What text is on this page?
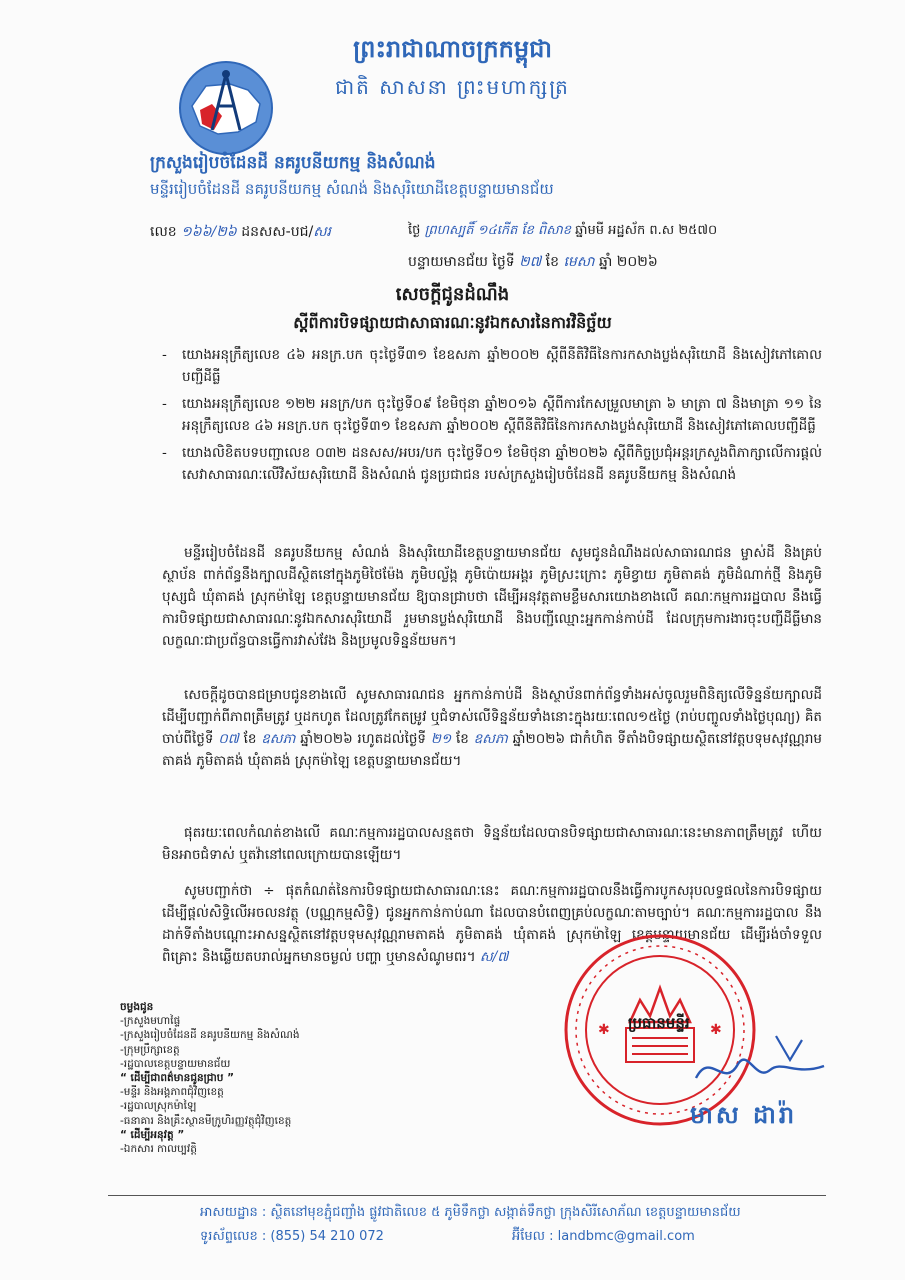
ព្រះរាជាណាចក្រកម្ពុជា
ជាតិ សាសនា ព្រះមហាក្សត្រ
ក្រសួងរៀបចំដែនដី នគរូបនីយកម្ម និងសំណង់
មន្ទីររៀបចំដែនដី នគរូបនីយកម្ម សំណង់ និងសុរិយោដីខេត្តបន្ទាយមានជ័យ
លេខ ១៦៦/២៦ ដនសស-បជ/សរ	ថ្ងៃ ព្រហស្បតិ៍ ១៤កើត ខែ ពិសាខ ឆ្នាំមមី អដ្ឋស័ក ព.ស ២៥៧០
បន្ទាយមានជ័យ ថ្ងៃទី ២៧ ខែ មេសា ឆ្នាំ ២០២៦
សេចក្តីជូនដំណឹង
ស្តីពីការបិទផ្សាយជាសាធារណៈនូវឯកសារនៃការវិនិច្ឆ័យ
- យោងអនុក្រឹត្យលេខ ៤៦ អនក្រ.បក ចុះថ្ងៃទី៣១ ខែឧសភា ឆ្នាំ២០០២ ស្តីពីនីតិវិធីនៃការកសាងប្លង់សុរិយោដី និងសៀវភៅគោលបញ្ជីដីធ្លី
- យោងអនុក្រឹត្យលេខ ១២២ អនក្រ/បក ចុះថ្ងៃទី០៩ ខែមិថុនា ឆ្នាំ២០១៦ ស្តីពីការកែសម្រួលមាត្រា ៦ មាត្រា ៧ និងមាត្រា ១១ នៃអនុក្រឹត្យលេខ ៤៦ អនក្រ.បក ចុះថ្ងៃទី៣១ ខែឧសភា ឆ្នាំ២០០២ ស្តីពីនីតិវិធីនៃការកសាងប្លង់សុរិយោដី និងសៀវភៅគោលបញ្ជីដីធ្លី
- យោងលិខិតបទបញ្ជាលេខ ០៣២ ដនសស/អបរ/បក ចុះថ្ងៃទី០១ ខែមិថុនា ឆ្នាំ២០២៦ ស្តីពីកិច្ចប្រជុំអន្តរក្រសួងពិភាក្សាលើការផ្តល់សេវាសាធារណៈលើវិស័យសុរិយោដី និងសំណង់ ជូនប្រជាជន របស់ក្រសួងរៀបចំដែនដី នគរូបនីយកម្ម និងសំណង់
មន្ទីររៀបចំដែនដី នគរូបនីយកម្ម សំណង់ និងសុរិយោដីខេត្តបន្ទាយមានជ័យ សូមជូនដំណឹងដល់សាធារណជន ម្ចាស់ដី និងគ្រប់ស្ថាប័ន ពាក់ព័ន្ធនឹងក្បាលដីស្ថិតនៅក្នុងភូមិថៃម៉ែង ភូមិបល្ល័ង្ក ភូមិប៉ោយអង្គរ ភូមិស្រះក្រោះ ភូមិខ្វាយ ភូមិតាគង់ ភូមិដំណាក់ថ្មី និងភូមិបុស្សជំ ឃុំតាគង់ ស្រុកម៉ាឡៃ ខេត្តបន្ទាយមានជ័យ ឱ្យបានជ្រាបថា ដើម្បីអនុវត្តតាមខ្លឹមសារយោងខាងលើ គណៈកម្មការរដ្ឋបាល នឹងធ្វើការបិទផ្សាយជាសាធារណៈនូវឯកសារសុរិយោដី រួមមានប្លង់សុរិយោដី និងបញ្ជីឈ្មោះអ្នកកាន់កាប់ដី ដែលក្រុមការងារចុះបញ្ជីដីធ្លីមានលក្ខណៈជាប្រព័ន្ធបានធ្វើការវាស់វែង និងប្រមូលទិន្នន័យមក។
សេចក្តីដូចបានជម្រាបជូនខាងលើ សូមសាធារណជន អ្នកកាន់កាប់ដី និងស្ថាប័នពាក់ព័ន្ធទាំងអស់ចូលរួមពិនិត្យលើទិន្នន័យក្បាលដី ដើម្បីបញ្ជាក់ពីភាពត្រឹមត្រូវ ឬដកហូត ដែលត្រូវកែតម្រូវ ឬជំទាស់លើទិន្នន័យទាំងនោះក្នុងរយៈពេល១៥ថ្ងៃ (រាប់បញ្ចូលទាំងថ្ងៃបុណ្យ) គិតចាប់ពីថ្ងៃទី ០៧ ខែ ឧសភា ឆ្នាំ២០២៦ រហូតដល់ថ្ងៃទី ២១ ខែ ឧសភា ឆ្នាំ២០២៦ ជាកំហិត ទីតាំងបិទផ្សាយស្ថិតនៅវត្តបទុមសុវណ្ណរាមតាគង់ ភូមិតាគង់ ឃុំតាគង់ ស្រុកម៉ាឡៃ ខេត្តបន្ទាយមានជ័យ។
ផុតរយៈពេលកំណត់ខាងលើ គណៈកម្មការរដ្ឋបាលសន្មតថា ទិន្នន័យដែលបានបិទផ្សាយជាសាធារណៈនេះមានភាពត្រឹមត្រូវ ហើយមិនអាចជំទាស់ ឬតវ៉ានៅពេលក្រោយបានឡើយ។
សូមបញ្ជាក់ថា ÷ ផុតកំណត់នៃការបិទផ្សាយជាសាធារណៈនេះ គណៈកម្មការរដ្ឋបាលនឹងធ្វើការបូកសរុបលទ្ធផលនៃការបិទផ្សាយ ដើម្បីផ្តល់សិទ្ធិលើអចលនវត្ថុ (បណ្ណកម្មសិទ្ធិ) ជូនអ្នកកាន់កាប់ណា ដែលបានបំពេញគ្រប់លក្ខណៈតាមច្បាប់។ គណៈកម្មការរដ្ឋបាល នឹងដាក់ទីតាំងបណ្តោះអាសន្នស្ថិតនៅវត្តបទុមសុវណ្ណរាមតាគង់ ភូមិតាគង់ ឃុំតាគង់ ស្រុកម៉ាឡៃ ខេត្តបន្ទាយមានជ័យ ដើម្បីរង់ចាំទទួលពិគ្រោះ និងឆ្លើយតបរាល់អ្នកមានចម្ងល់ បញ្ហា ឬមានសំណូមពរ។ ស/៧
ចម្លងជូន
-ក្រសួងមហាផ្ទៃ
-ក្រសួងរៀបចំដែនដី នគរូបនីយកម្ម និងសំណង់
-ក្រុមប្រឹក្សាខេត្ត
-រដ្ឋបាលខេត្តបន្ទាយមានជ័យ
“ ដើម្បីជាពត៌មានជូនជ្រាប ”
-មន្ទីរ និងអង្គភាពជុំវិញខេត្ត
-រដ្ឋបាលស្រុកម៉ាឡៃ
-ធនាគារ និងគ្រឹះស្ថានមីក្រូហិរញ្ញវត្ថុជុំវិញខេត្ត
“ ដើម្បីអនុវត្ត ”
-ឯកសារ កាលប្បវត្តិ
✱	✱
ប្រធានមន្ទីរ
មាស ដារ៉ា
អាសយដ្ឋាន : ស្ថិតនៅមុខភ្ជុំជញ្ជាំង ផ្លូវជាតិលេខ ៥ ភូមិទឹកថ្លា សង្កាត់ទឹកថ្លា ក្រុងសិរីសោភ័ណ ខេត្តបន្ទាយមានជ័យ
ទូរស័ព្ទលេខ : (855) 54 210 072	អ៊ីមែល : landbmc@gmail.com
